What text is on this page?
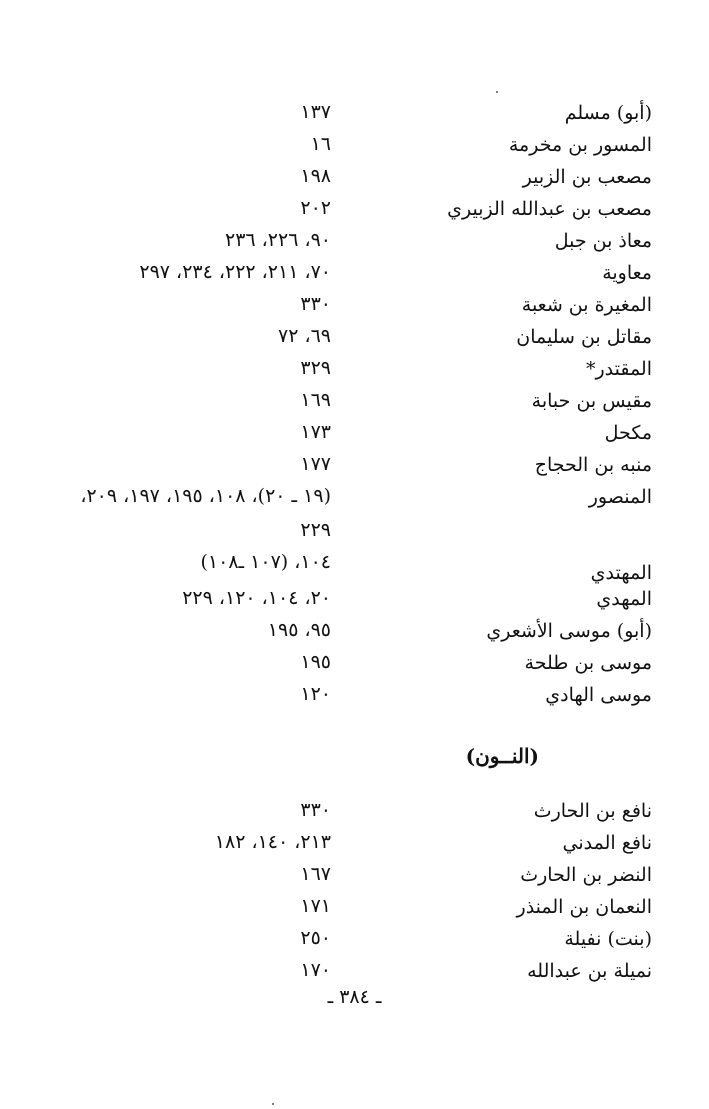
(أبو) مسلم
١٣٧
المسور بن مخرمة
١٦
مصعب بن الزبير
١٩٨
مصعب بن عبدالله الزبيري
٢٠٢
معاذ بن جبل
٩٠، ٢٢٦، ٢٣٦
معاوية
٧٠، ٢١١، ٢٢٢، ٢٣٤، ٢٩٧
المغيرة بن شعبة
٣٣٠
مقاتل بن سليمان
٦٩، ٧٢
المقتدر*
٣٢٩
مقيس بن حبابة
١٦٩
مكحل
١٧٣
منبه بن الحجاج
١٧٧
المنصور
(١٩ ـ ٢٠)، ١٠٨، ١٩٥، ١٩٧، ٢٠٩،
٢٢٩
المهتدي
١٠٤، (١٠٧ ـ١٠٨)
المهدي
٢٠، ١٠٤، ١٢٠، ٢٢٩
(أبو) موسى الأشعري
٩٥، ١٩٥
موسى بن طلحة
١٩٥
موسى الهادي
١٢٠
(النــون)
نافع بن الحارث
٣٣٠
نافع المدني
٢١٣، ١٤٠، ١٨٢
النضر بن الحارث
١٦٧
النعمان بن المنذر
١٧١
(بنت) نفيلة
٢٥٠
نميلة بن عبدالله
١٧٠
ـ ٣٨٤ ـ
